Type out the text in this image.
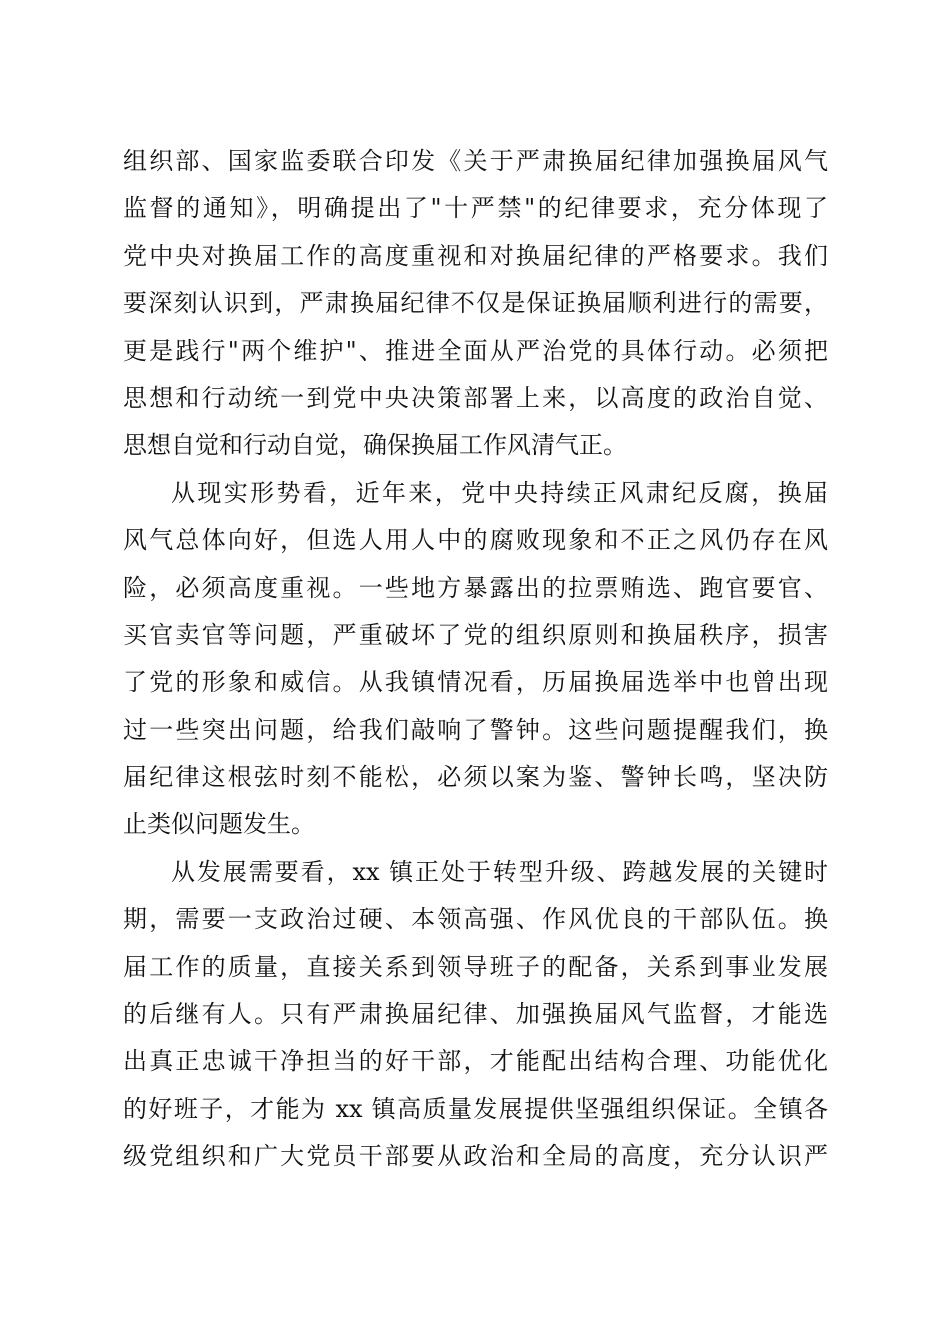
组织部、国家监委联合印发《关于严肃换届纪律加强换届风气
监督的通知》，明确提出了"十严禁"的纪律要求，充分体现了
党中央对换届工作的高度重视和对换届纪律的严格要求。我们
要深刻认识到，严肃换届纪律不仅是保证换届顺利进行的需要，
更是践行"两个维护"、推进全面从严治党的具体行动。必须把
思想和行动统一到党中央决策部署上来，以高度的政治自觉、
思想自觉和行动自觉，确保换届工作风清气正。
从现实形势看，近年来，党中央持续正风肃纪反腐，换届
风气总体向好，但选人用人中的腐败现象和不正之风仍存在风
险，必须高度重视。一些地方暴露出的拉票贿选、跑官要官、
买官卖官等问题，严重破坏了党的组织原则和换届秩序，损害
了党的形象和威信。从我镇情况看，历届换届选举中也曾出现
过一些突出问题，给我们敲响了警钟。这些问题提醒我们，换
届纪律这根弦时刻不能松，必须以案为鉴、警钟长鸣，坚决防
止类似问题发生。
从发展需要看，xx 镇正处于转型升级、跨越发展的关键时
期，需要一支政治过硬、本领高强、作风优良的干部队伍。换
届工作的质量，直接关系到领导班子的配备，关系到事业发展
的后继有人。只有严肃换届纪律、加强换届风气监督，才能选
出真正忠诚干净担当的好干部，才能配出结构合理、功能优化
的好班子，才能为 xx 镇高质量发展提供坚强组织保证。全镇各
级党组织和广大党员干部要从政治和全局的高度，充分认识严
